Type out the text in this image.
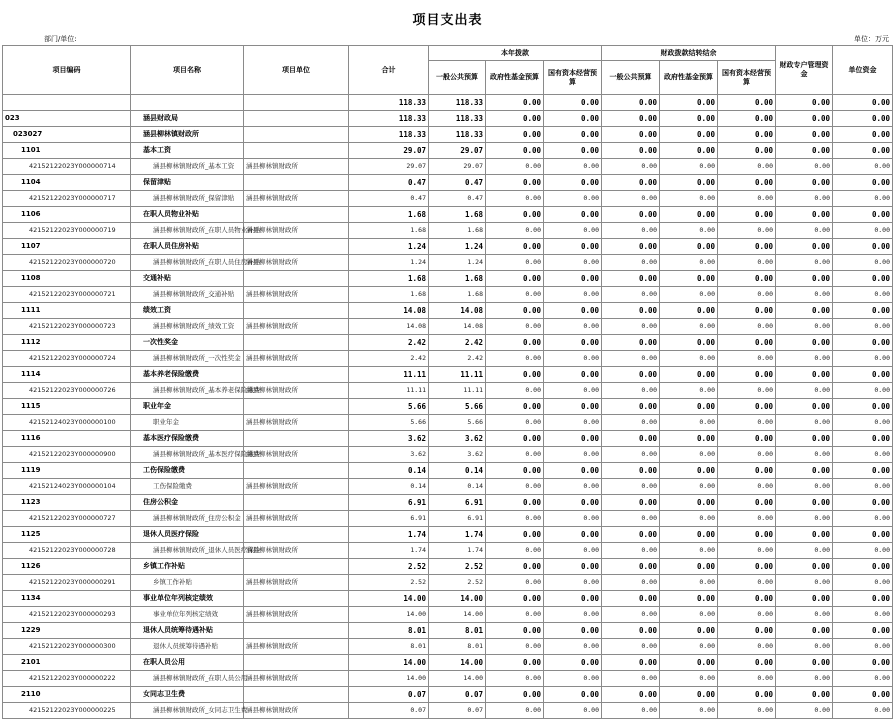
项目支出表
部门/单位:	单位：万元
项目编码	项目名称	项目单位	合计	本年拨款			财政拨款结转结余			财政专户管理资金	单位资金
				一般公共预算	政府性基金预算	国有资本经营预算	一般公共预算	政府性基金预算	国有资本经营预算		
			118.33	118.33	0.00	0.00	0.00	0.00	0.00	0.00	0.00
023	涵县财政局		118.33	118.33	0.00	0.00	0.00	0.00	0.00	0.00	0.00
023027	涵县柳林镇财政所		118.33	118.33	0.00	0.00	0.00	0.00	0.00	0.00	0.00
1101	基本工资		29.07	29.07	0.00	0.00	0.00	0.00	0.00	0.00	0.00
42152122023Y000000714	涵县柳林镇财政所_基本工资	涵县柳林镇财政所	29.07	29.07	0.00	0.00	0.00	0.00	0.00	0.00	0.00
1104	保留津贴		0.47	0.47	0.00	0.00	0.00	0.00	0.00	0.00	0.00
42152122023Y000000717	涵县柳林镇财政所_保留津贴	涵县柳林镇财政所	0.47	0.47	0.00	0.00	0.00	0.00	0.00	0.00	0.00
1106	在职人员物业补贴		1.68	1.68	0.00	0.00	0.00	0.00	0.00	0.00	0.00
42152122023Y000000719	涵县柳林镇财政所_在职人员物业补贴	涵县柳林镇财政所	1.68	1.68	0.00	0.00	0.00	0.00	0.00	0.00	0.00
1107	在职人员住房补贴		1.24	1.24	0.00	0.00	0.00	0.00	0.00	0.00	0.00
42152122023Y000000720	涵县柳林镇财政所_在职人员住房补贴	涵县柳林镇财政所	1.24	1.24	0.00	0.00	0.00	0.00	0.00	0.00	0.00
1108	交通补贴		1.68	1.68	0.00	0.00	0.00	0.00	0.00	0.00	0.00
42152122023Y000000721	涵县柳林镇财政所_交通补贴	涵县柳林镇财政所	1.68	1.68	0.00	0.00	0.00	0.00	0.00	0.00	0.00
1111	绩效工资		14.08	14.08	0.00	0.00	0.00	0.00	0.00	0.00	0.00
42152122023Y000000723	涵县柳林镇财政所_绩效工资	涵县柳林镇财政所	14.08	14.08	0.00	0.00	0.00	0.00	0.00	0.00	0.00
1112	一次性奖金		2.42	2.42	0.00	0.00	0.00	0.00	0.00	0.00	0.00
42152122023Y000000724	涵县柳林镇财政所_一次性奖金	涵县柳林镇财政所	2.42	2.42	0.00	0.00	0.00	0.00	0.00	0.00	0.00
1114	基本养老保险缴费		11.11	11.11	0.00	0.00	0.00	0.00	0.00	0.00	0.00
42152122023Y000000726	涵县柳林镇财政所_基本养老保险缴费	涵县柳林镇财政所	11.11	11.11	0.00	0.00	0.00	0.00	0.00	0.00	0.00
1115	职业年金		5.66	5.66	0.00	0.00	0.00	0.00	0.00	0.00	0.00
42152124023Y000000100	职业年金	涵县柳林镇财政所	5.66	5.66	0.00	0.00	0.00	0.00	0.00	0.00	0.00
1116	基本医疗保险缴费		3.62	3.62	0.00	0.00	0.00	0.00	0.00	0.00	0.00
42152122023Y000000900	涵县柳林镇财政所_基本医疗保险缴费	涵县柳林镇财政所	3.62	3.62	0.00	0.00	0.00	0.00	0.00	0.00	0.00
1119	工伤保险缴费		0.14	0.14	0.00	0.00	0.00	0.00	0.00	0.00	0.00
42152124023Y000000104	工伤保险缴费	涵县柳林镇财政所	0.14	0.14	0.00	0.00	0.00	0.00	0.00	0.00	0.00
1123	住房公积金		6.91	6.91	0.00	0.00	0.00	0.00	0.00	0.00	0.00
42152122023Y000000727	涵县柳林镇财政所_住房公积金	涵县柳林镇财政所	6.91	6.91	0.00	0.00	0.00	0.00	0.00	0.00	0.00
1125	退休人员医疗保险		1.74	1.74	0.00	0.00	0.00	0.00	0.00	0.00	0.00
42152122023Y000000728	涵县柳林镇财政所_退休人员医疗保险	涵县柳林镇财政所	1.74	1.74	0.00	0.00	0.00	0.00	0.00	0.00	0.00
1126	乡镇工作补贴		2.52	2.52	0.00	0.00	0.00	0.00	0.00	0.00	0.00
42152122023Y000000291	乡镇工作补贴	涵县柳林镇财政所	2.52	2.52	0.00	0.00	0.00	0.00	0.00	0.00	0.00
1134	事业单位年列核定绩效		14.00	14.00	0.00	0.00	0.00	0.00	0.00	0.00	0.00
42152122023Y000000293	事业单位年列核定绩效	涵县柳林镇财政所	14.00	14.00	0.00	0.00	0.00	0.00	0.00	0.00	0.00
1229	退休人员统筹待遇补贴		8.01	8.01	0.00	0.00	0.00	0.00	0.00	0.00	0.00
42152122023Y000000300	退休人员统筹待遇补贴	涵县柳林镇财政所	8.01	8.01	0.00	0.00	0.00	0.00	0.00	0.00	0.00
2101	在职人员公用		14.00	14.00	0.00	0.00	0.00	0.00	0.00	0.00	0.00
42152122023Y000000222	涵县柳林镇财政所_在职人员公用	涵县柳林镇财政所	14.00	14.00	0.00	0.00	0.00	0.00	0.00	0.00	0.00
2110	女同志卫生费		0.07	0.07	0.00	0.00	0.00	0.00	0.00	0.00	0.00
42152122023Y000000225	涵县柳林镇财政所_女同志卫生费	涵县柳林镇财政所	0.07	0.07	0.00	0.00	0.00	0.00	0.00	0.00	0.00
